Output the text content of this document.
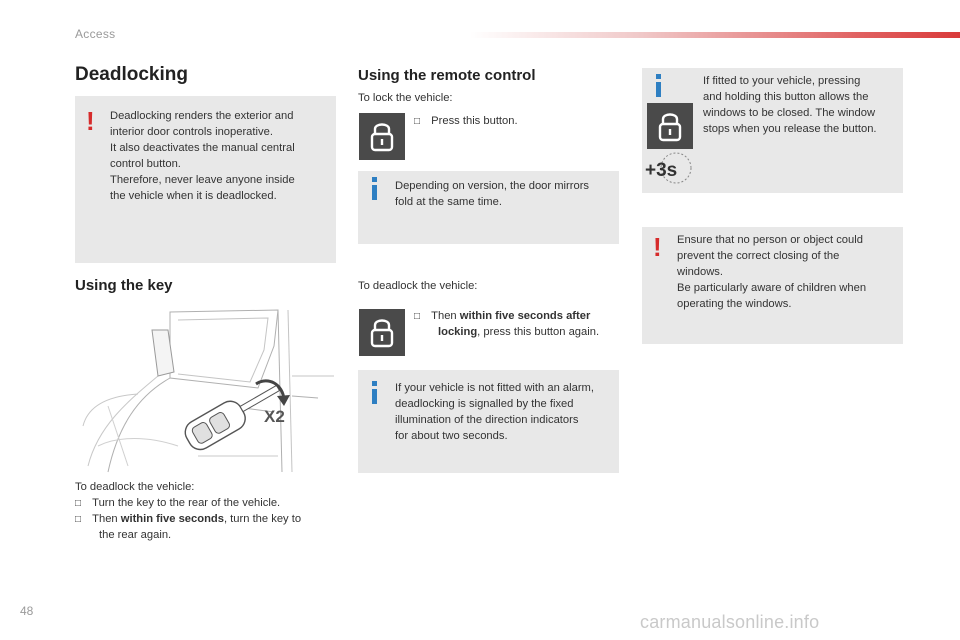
Access
Deadlocking
! Deadlocking renders the exterior and
interior door controls inoperative.
It also deactivates the manual central
control button.
Therefore, never leave anyone inside
the vehicle when it is deadlocked.
Using the key
X2
To deadlock the vehicle:
□ Turn the key to the rear of the vehicle.
□ Then within five seconds, turn the key to
the rear again.
Using the remote control
To lock the vehicle:
□ Press this button.
Depending on version, the door mirrors
fold at the same time.
To deadlock the vehicle:
□ Then within five seconds after
locking, press this button again.
If your vehicle is not fitted with an alarm,
deadlocking is signalled by the fixed
illumination of the direction indicators
for about two seconds.
+3s
If fitted to your vehicle, pressing
and holding this button allows the
windows to be closed. The window
stops when you release the button.
! Ensure that no person or object could
prevent the correct closing of the
windows.
Be particularly aware of children when
operating the windows.
48
carmanualsonline.info
